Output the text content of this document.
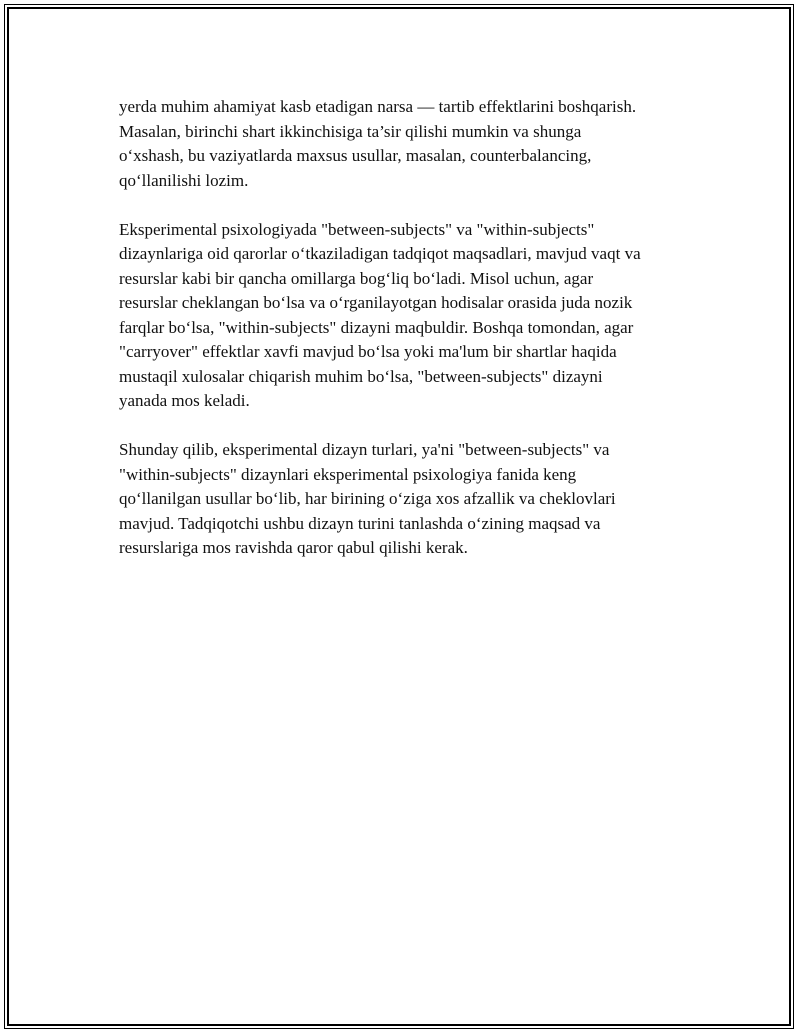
yerda muhim ahamiyat kasb etadigan narsa — tartib effektlarini boshqarish.
Masalan, birinchi shart ikkinchisiga ta’sir qilishi mumkin va shunga
o‘xshash, bu vaziyatlarda maxsus usullar, masalan, counterbalancing,
qo‘llanilishi lozim.

Eksperimental psixologiyada "between-subjects" va "within-subjects"
dizaynlariga oid qarorlar o‘tkaziladigan tadqiqot maqsadlari, mavjud vaqt va
resurslar kabi bir qancha omillarga bog‘liq bo‘ladi. Misol uchun, agar
resurslar cheklangan bo‘lsa va o‘rganilayotgan hodisalar orasida juda nozik
farqlar bo‘lsa, "within-subjects" dizayni maqbuldir. Boshqa tomondan, agar
"carryover" effektlar xavfi mavjud bo‘lsa yoki ma'lum bir shartlar haqida
mustaqil xulosalar chiqarish muhim bo‘lsa, "between-subjects" dizayni
yanada mos keladi.

Shunday qilib, eksperimental dizayn turlari, ya'ni "between-subjects" va
"within-subjects" dizaynlari eksperimental psixologiya fanida keng
qo‘llanilgan usullar bo‘lib, har birining o‘ziga xos afzallik va cheklovlari
mavjud. Tadqiqotchi ushbu dizayn turini tanlashda o‘zining maqsad va
resurslariga mos ravishda qaror qabul qilishi kerak.
